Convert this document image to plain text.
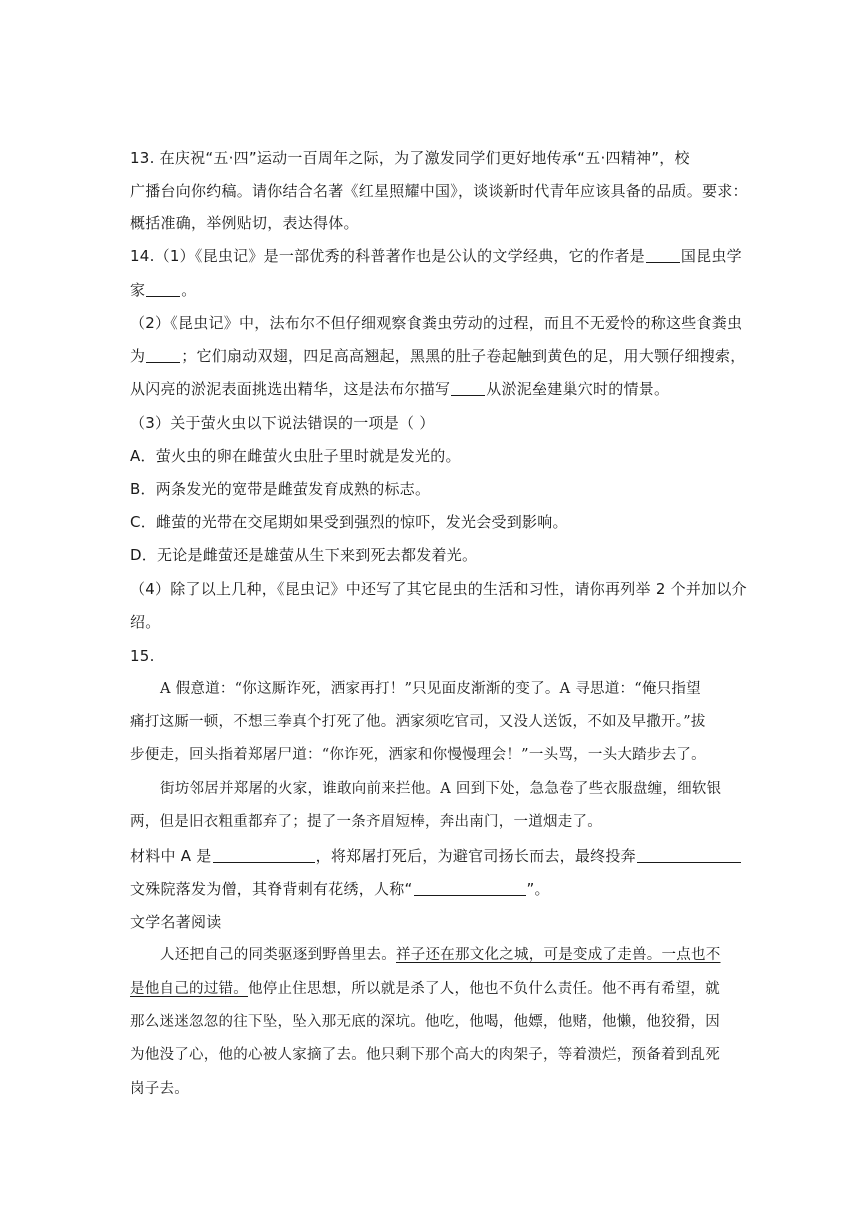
13. 在庆祝“五·四”运动一百周年之际，为了激发同学们更好地传承“五·四精神”，校
广播台向你约稿。请你结合名著《红星照耀中国》，谈谈新时代青年应该具备的品质。要求：
概括准确，举例贴切，表达得体。
14.（1）《昆虫记》是一部优秀的科普著作也是公认的文学经典，它的作者是 国昆虫学
家 。
（2）《昆虫记》中，法布尔不但仔细观察食粪虫劳动的过程，而且不无爱怜的称这些食粪虫
为 ；它们扇动双翅，四足高高翘起，黑黑的肚子卷起触到黄色的足，用大颚仔细搜索，
从闪亮的淤泥表面挑选出精华，这是法布尔描写 从淤泥垒建巢穴时的情景。
（3）关于萤火虫以下说法错误的一项是（ ）
A．萤火虫的卵在雌萤火虫肚子里时就是发光的。
B．两条发光的宽带是雌萤发育成熟的标志。
C．雌萤的光带在交尾期如果受到强烈的惊吓，发光会受到影响。
D．无论是雌萤还是雄萤从生下来到死去都发着光。
（4）除了以上几种，《昆虫记》中还写了其它昆虫的生活和习性，请你再列举 2 个并加以介
绍。
15.
A 假意道：“你这厮诈死，洒家再打！”只见面皮渐渐的变了。A 寻思道：“俺只指望
痛打这厮一顿，不想三拳真个打死了他。洒家须吃官司，又没人送饭，不如及早撒开。”拔
步便走，回头指着郑屠尸道：“你诈死，洒家和你慢慢理会！”一头骂，一头大踏步去了。
街坊邻居并郑屠的火家，谁敢向前来拦他。A 回到下处，急急卷了些衣服盘缠，细软银
两，但是旧衣粗重都弃了；提了一条齐眉短棒，奔出南门，一道烟走了。
材料中 A 是	，将郑屠打死后，为避官司扬长而去，最终投奔
文殊院落发为僧，其脊背刺有花绣，人称“	”。
文学名著阅读
人还把自己的同类驱逐到野兽里去。祥子还在那文化之城，可是变成了走兽。一点也不
是他自己的过错。他停止住思想，所以就是杀了人，他也不负什么责任。他不再有希望，就
那么迷迷忽忽的往下坠，坠入那无底的深坑。他吃，他喝，他嫖，他赌，他懒，他狡猾，因
为他没了心，他的心被人家摘了去。他只剩下那个高大的肉架子，等着溃烂，预备着到乱死
岗子去。
